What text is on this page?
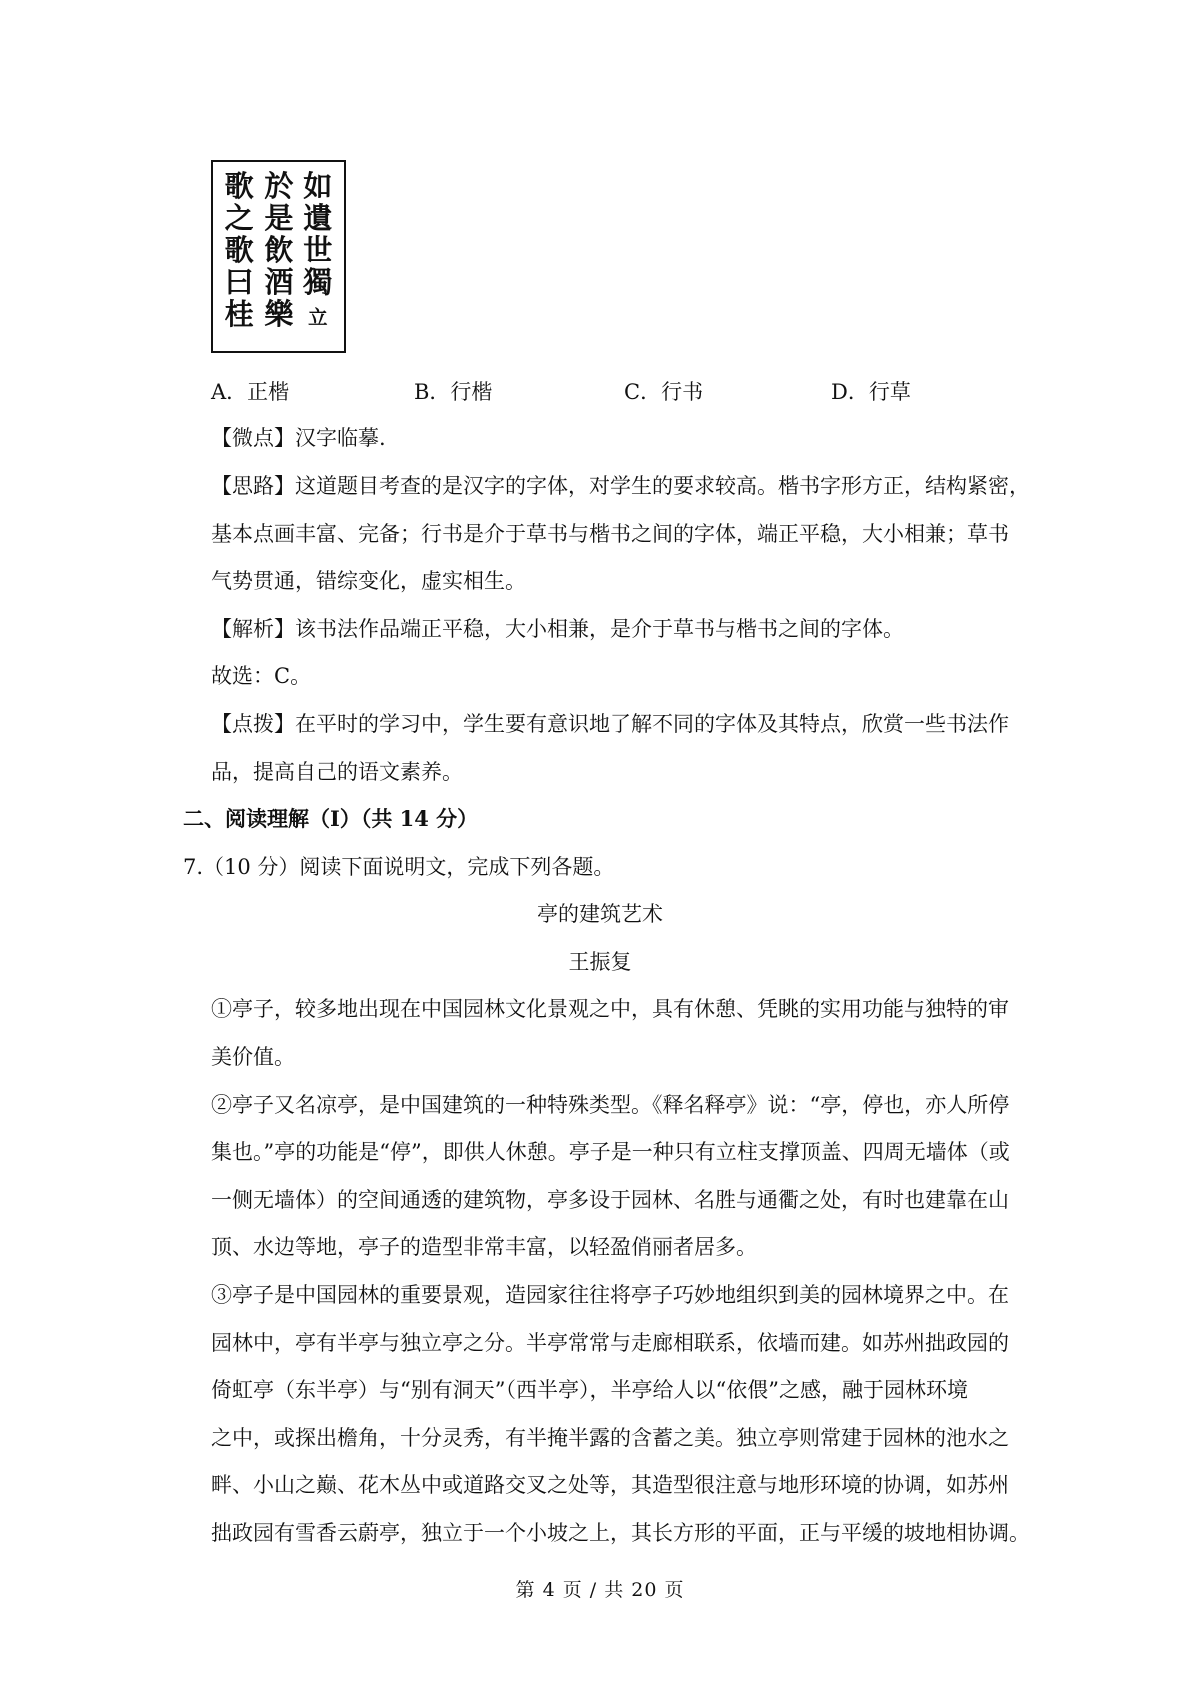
如
遺
世
獨
立
於
是
飲
酒
樂
歌
之
歌
曰
桂
A．正楷	B．行楷	C．行书	D．行草
【微点】汉字临摹.
【思路】这道题目考查的是汉字的字体，对学生的要求较高。楷书字形方正，结构紧密，
基本点画丰富、完备；行书是介于草书与楷书之间的字体，端正平稳，大小相兼；草书
气势贯通，错综变化，虚实相生。
【解析】该书法作品端正平稳，大小相兼，是介于草书与楷书之间的字体。
故选：C。
【点拨】在平时的学习中，学生要有意识地了解不同的字体及其特点，欣赏一些书法作
品，提高自己的语文素养。
二、阅读理解（Ⅰ）（共 14 分）
7.（10 分）阅读下面说明文，完成下列各题。
亭的建筑艺术
王振复
①亭子，较多地出现在中国园林文化景观之中，具有休憩、凭眺的实用功能与独特的审
美价值。
②亭子又名凉亭，是中国建筑的一种特殊类型。《释名释亭》说：“亭，停也，亦人所停
集也。”亭的功能是“停”，即供人休憩。亭子是一种只有立柱支撑顶盖、四周无墙体（或
一侧无墙体）的空间通透的建筑物，亭多设于园林、名胜与通衢之处，有时也建靠在山
顶、水边等地，亭子的造型非常丰富，以轻盈俏丽者居多。
③亭子是中国园林的重要景观，造园家往往将亭子巧妙地组织到美的园林境界之中。在
园林中，亭有半亭与独立亭之分。半亭常常与走廊相联系，依墙而建。如苏州拙政园的
倚虹亭（东半亭）与“别有洞天”（西半亭），半亭给人以“依偎”之感，融于园林环境
之中，或探出檐角，十分灵秀，有半掩半露的含蓄之美。独立亭则常建于园林的池水之
畔、小山之巅、花木丛中或道路交叉之处等，其造型很注意与地形环境的协调，如苏州
拙政园有雪香云蔚亭，独立于一个小坡之上，其长方形的平面，正与平缓的坡地相协调。
第 4 页 / 共 20 页
